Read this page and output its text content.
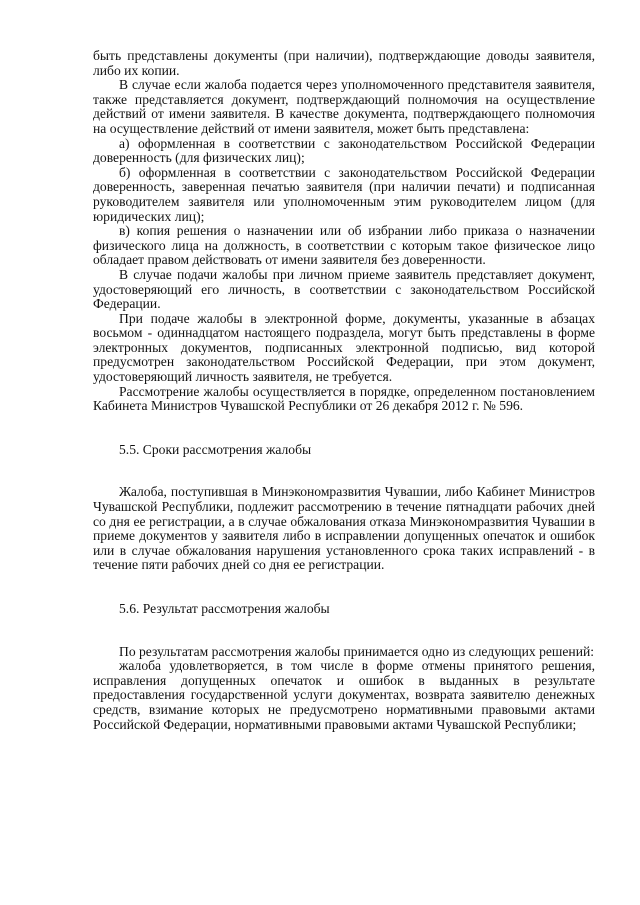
быть представлены документы (при наличии), подтверждающие доводы заявителя, либо их копии.

В случае если жалоба подается через уполномоченного представителя заявителя, также представляется документ, подтверждающий полномочия на осуществление действий от имени заявителя. В качестве документа, подтверждающего полномочия на осуществление действий от имени заявителя, может быть представлена:

а) оформленная в соответствии с законодательством Российской Федерации доверенность (для физических лиц);

б) оформленная в соответствии с законодательством Российской Федерации доверенность, заверенная печатью заявителя (при наличии печати) и подписанная руководителем заявителя или уполномоченным этим руководителем лицом (для юридических лиц);

в) копия решения о назначении или об избрании либо приказа о назначении физического лица на должность, в соответствии с которым такое физическое лицо обладает правом действовать от имени заявителя без доверенности.

В случае подачи жалобы при личном приеме заявитель представляет документ, удостоверяющий его личность, в соответствии с законодательством Российской Федерации.

При подаче жалобы в электронной форме, документы, указанные в абзацах восьмом - одиннадцатом настоящего подраздела, могут быть представлены в форме электронных документов, подписанных электронной подписью, вид которой предусмотрен законодательством Российской Федерации, при этом документ, удостоверяющий личность заявителя, не требуется.

Рассмотрение жалобы осуществляется в порядке, определенном постановлением Кабинета Министров Чувашской Республики от 26 декабря 2012 г. № 596.

5.5. Сроки рассмотрения жалобы

Жалоба, поступившая в Минэкономразвития Чувашии, либо Кабинет Министров Чувашской Республики, подлежит рассмотрению в течение пятнадцати рабочих дней со дня ее регистрации, а в случае обжалования отказа Минэкономразвития Чувашии в приеме документов у заявителя либо в исправлении допущенных опечаток и ошибок или в случае обжалования нарушения установленного срока таких исправлений - в течение пяти рабочих дней со дня ее регистрации.

5.6. Результат рассмотрения жалобы

По результатам рассмотрения жалобы принимается одно из следующих решений:

жалоба удовлетворяется, в том числе в форме отмены принятого решения, исправления допущенных опечаток и ошибок в выданных в результате предоставления государственной услуги документах, возврата заявителю денежных средств, взимание которых не предусмотрено нормативными правовыми актами Российской Федерации, нормативными правовыми актами Чувашской Республики;
